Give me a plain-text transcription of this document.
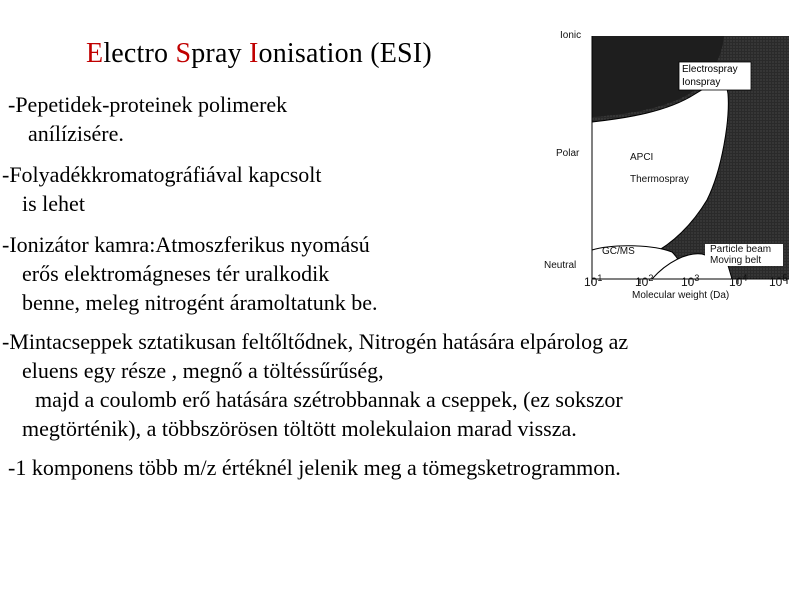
Electro Spray Ionisation (ESI)
-Pepetidek-proteinek polimerek
anílízisére.
-Folyadékkromatográfiával kapcsolt
is lehet
-Ionizátor kamra:Atmoszferikus nyomású
erős elektromágneses tér uralkodik
benne, meleg nitrogént áramoltatunk be.
-Mintacseppek sztatikusan feltőltődnek, Nitrogén hatására elpárolog az
eluens egy része , megnő a töltéssűrűség,
majd a coulomb erő hatására szétrobbannak a cseppek, (ez sokszor
megtörténik), a többszörösen töltött molekulaion marad vissza.
-1 komponens több m/z értéknél jelenik meg a tömegsketrogrammon.
Ionic
Polar
Neutral
Electrospray
Ionspray
APCI
Thermospray
GC/MS	Particle beam
Moving belt
$10^1$	$10^2$ $10^3$ $10^4$ $10^5$
Molecular weight (Da)
